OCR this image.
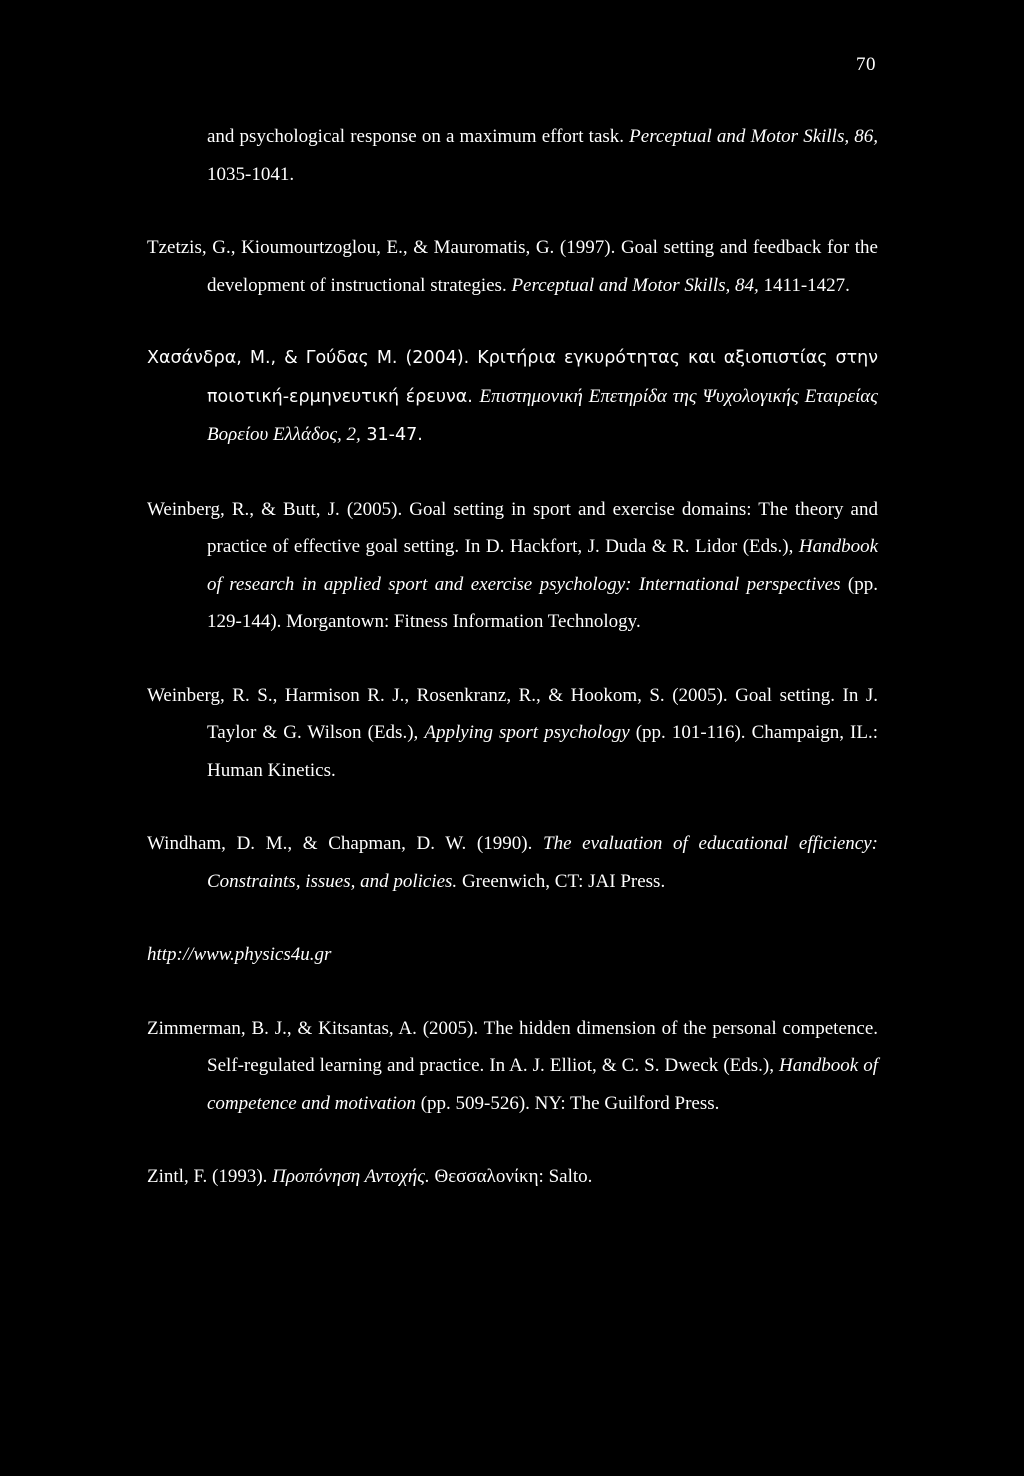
70

and psychological response on a maximum effort task. Perceptual and Motor Skills, 86, 1035-1041.

Tzetzis, G., Kioumourtzoglou, E., & Mauromatis, G. (1997). Goal setting and feedback for the development of instructional strategies. Perceptual and Motor Skills, 84, 1411-1427.

Χασάνδρα, Μ., & Γούδας Μ. (2004). Κριτήρια εγκυρότητας και αξιοπιστίας στην ποιοτική-ερμηνευτική έρευνα. Επιστημονική Επετηρίδα της Ψυχολογικής Εταιρείας Βορείου Ελλάδος, 2, 31-47.

Weinberg, R., & Butt, J. (2005). Goal setting in sport and exercise domains: The theory and practice of effective goal setting. In D. Hackfort, J. Duda & R. Lidor (Eds.), Handbook of research in applied sport and exercise psychology: International perspectives (pp. 129-144). Morgantown: Fitness Information Technology.

Weinberg, R. S., Harmison R. J., Rosenkranz, R., & Hookom, S. (2005). Goal setting. In J. Taylor & G. Wilson (Eds.), Applying sport psychology (pp. 101-116). Champaign, IL.: Human Kinetics.

Windham, D. M., & Chapman, D. W. (1990). The evaluation of educational efficiency: Constraints, issues, and policies. Greenwich, CT: JAI Press.

http://www.physics4u.gr

Zimmerman, B. J., & Kitsantas, A. (2005). The hidden dimension of the personal competence. Self-regulated learning and practice. In A. J. Elliot, & C. S. Dweck (Eds.), Handbook of competence and motivation (pp. 509-526). NY: The Guilford Press.

Zintl, F. (1993). Προπόνηση Αντοχής. Θεσσαλονίκη: Salto.
